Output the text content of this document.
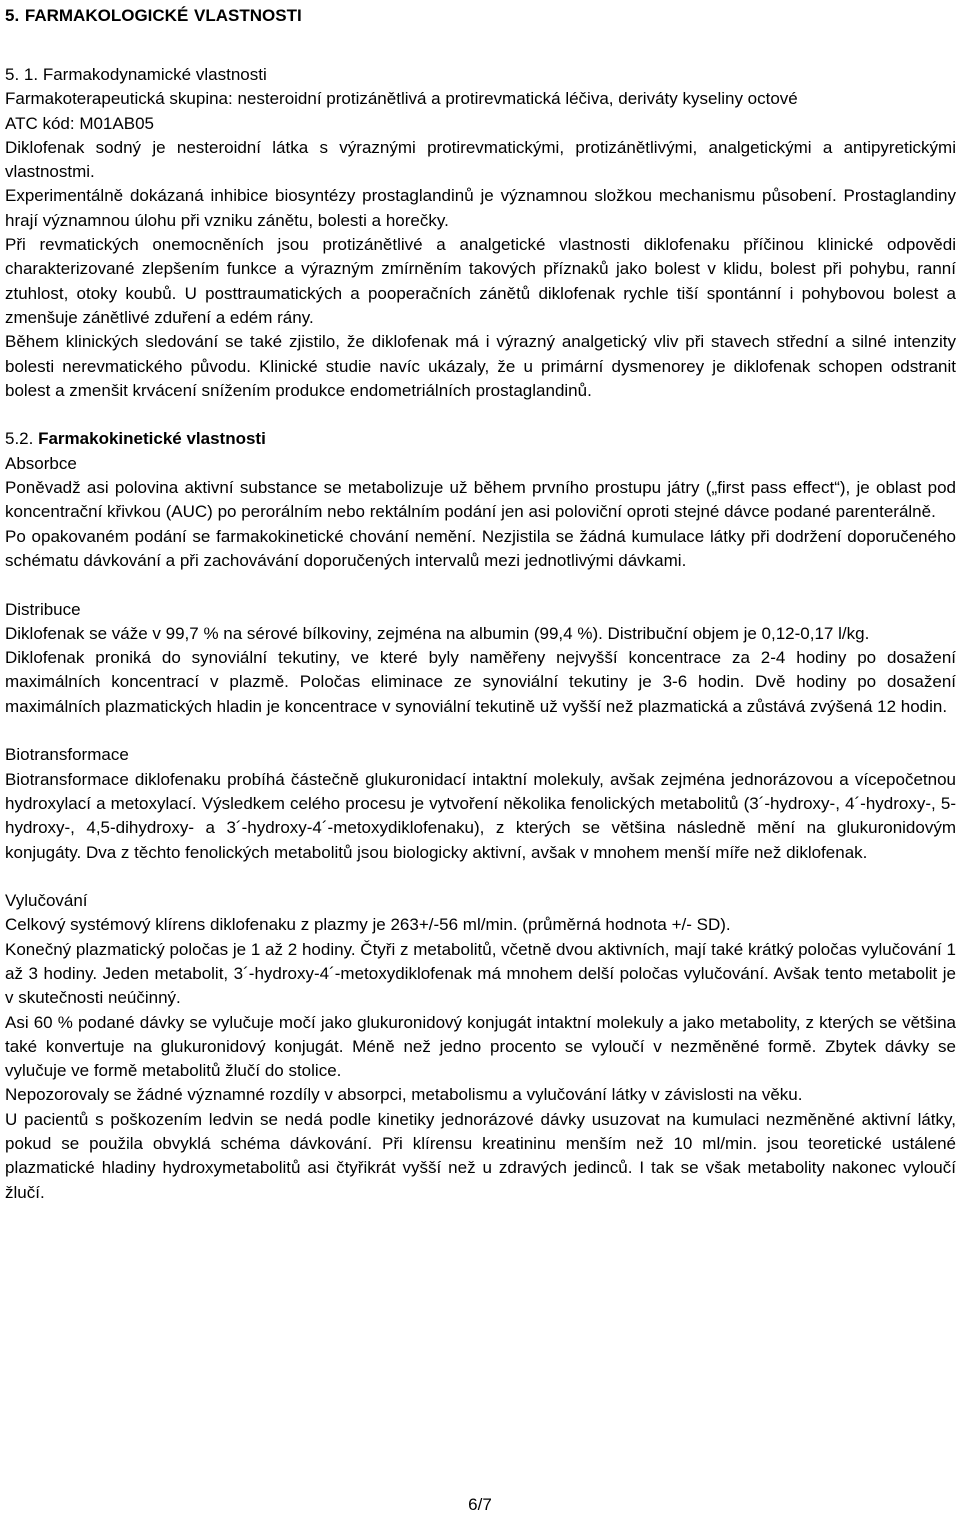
5. FARMAKOLOGICKÉ VLASTNOSTI
5. 1. Farmakodynamické vlastnosti

Farmakoterapeutická skupina: nesteroidní protizánětlivá a protirevmatická léčiva, deriváty kyseliny octové

ATC kód: M01AB05

Diklofenak sodný je nesteroidní látka s výraznými protirevmatickými, protizánětlivými, analgetickými a antipyretickými vlastnostmi.

Experimentálně dokázaná inhibice biosyntézy prostaglandinů je významnou složkou mechanismu působení. Prostaglandiny hrají významnou úlohu při vzniku zánětu, bolesti a horečky.

Při revmatických onemocněních jsou protizánětlivé a analgetické vlastnosti diklofenaku příčinou klinické odpovědi charakterizované zlepšením funkce a výrazným zmírněním takových příznaků jako bolest v klidu, bolest při pohybu, ranní ztuhlost, otoky koubů. U posttraumatických a pooperačních zánětů diklofenak rychle tiší spontánní i pohybovou bolest a zmenšuje zánětlivé zduření a edém rány.

Během klinických sledování se také zjistilo, že diklofenak má i výrazný analgetický vliv při stavech střední a silné intenzity bolesti nerevmatického původu. Klinické studie navíc ukázaly, že u primární dysmenorey je diklofenak schopen odstranit bolest a zmenšit krvácení snížením produkce endometriálních prostaglandinů.

5.2. Farmakokinetické vlastnosti
Absorbce

Poněvadž asi polovina aktivní substance se metabolizuje už během prvního prostupu játry („first pass effect“), je oblast pod koncentrační křivkou (AUC) po perorálním nebo rektálním podání jen asi poloviční oproti stejné dávce podané parenterálně.

Po opakovaném podání se farmakokinetické chování nemění. Nezjistila se žádná kumulace látky při dodržení doporučeného schématu dávkování a při zachovávání doporučených intervalů mezi jednotlivými dávkami.

Distribuce

Diklofenak se váže v 99,7 % na sérové bílkoviny, zejména na albumin (99,4 %). Distribuční objem je 0,12-0,17 l/kg.

Diklofenak proniká do synoviální tekutiny, ve které byly naměřeny nejvyšší koncentrace za 2-4 hodiny po dosažení maximálních koncentrací v plazmě. Poločas eliminace ze synoviální tekutiny je 3-6 hodin. Dvě hodiny po dosažení maximálních plazmatických hladin je koncentrace v synoviální tekutině už vyšší než plazmatická a zůstává zvýšená 12 hodin.

Biotransformace

Biotransformace diklofenaku probíhá částečně glukuronidací intaktní molekuly, avšak zejména jednorázovou a vícepočetnou hydroxylací a metoxylací. Výsledkem celého procesu je vytvoření několika fenolických metabolitů (3´-hydroxy-, 4´-hydroxy-, 5-hydroxy-, 4,5-dihydroxy- a 3´-hydroxy-4´-metoxydiklofenaku), z kterých se většina následně mění na glukuronidovým konjugáty. Dva z těchto fenolických metabolitů jsou biologicky aktivní, avšak v mnohem menší míře než diklofenak.

Vylučování

Celkový systémový klírens diklofenaku z plazmy je 263+/-56 ml/min. (průměrná hodnota +/- SD).

Konečný plazmatický poločas je 1 až 2 hodiny. Čtyři z metabolitů, včetně dvou aktivních, mají také krátký poločas vylučování 1 až 3 hodiny. Jeden metabolit, 3´-hydroxy-4´-metoxydiklofenak má mnohem delší poločas vylučování. Avšak tento metabolit je v skutečnosti neúčinný.

Asi 60 % podané dávky se vylučuje močí jako glukuronidový konjugát intaktní molekuly a jako metabolity, z kterých se většina také konvertuje na glukuronidový konjugát. Méně než jedno procento se vyloučí v nezměněné formě. Zbytek dávky se vylučuje ve formě metabolitů žlučí do stolice.

Nepozorovaly se žádné významné rozdíly v absorpci, metabolismu a vylučování látky v závislosti na věku.

U pacientů s poškozením ledvin se nedá podle kinetiky jednorázové dávky usuzovat na kumulaci nezměněné aktivní látky, pokud se použila obvyklá schéma dávkování. Při klírensu kreatininu menším než 10 ml/min. jsou teoretické ustálené plazmatické hladiny hydroxymetabolitů asi čtyřikrát vyšší než u zdravých jedinců. I tak se však metabolity nakonec vyloučí žlučí.

6/7
